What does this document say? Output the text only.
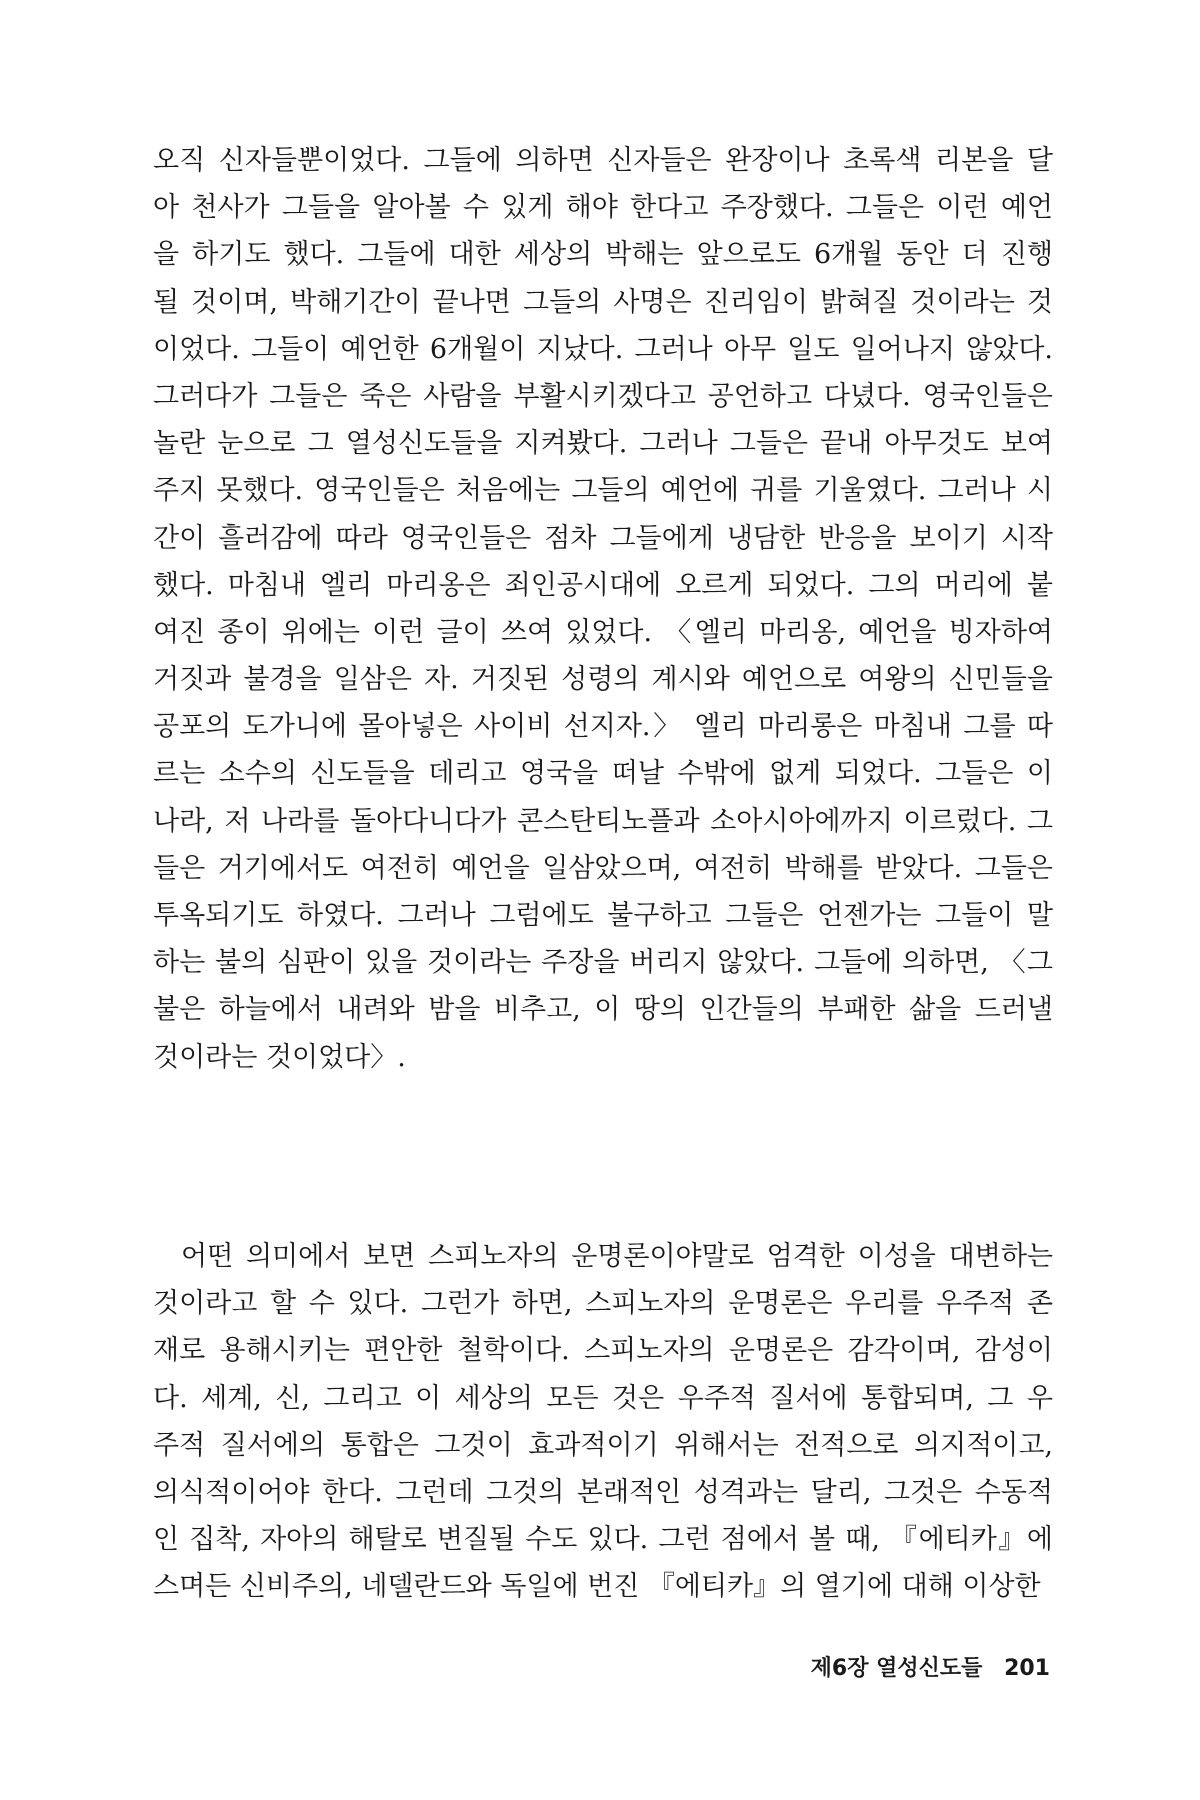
오직 신자들뿐이었다. 그들에 의하면 신자들은 완장이나 초록색 리본을 달
아 천사가 그들을 알아볼 수 있게 해야 한다고 주장했다. 그들은 이런 예언
을 하기도 했다. 그들에 대한 세상의 박해는 앞으로도 6개월 동안 더 진행
될 것이며, 박해기간이 끝나면 그들의 사명은 진리임이 밝혀질 것이라는 것
이었다. 그들이 예언한 6개월이 지났다. 그러나 아무 일도 일어나지 않았다.
그러다가 그들은 죽은 사람을 부활시키겠다고 공언하고 다녔다. 영국인들은
놀란 눈으로 그 열성신도들을 지켜봤다. 그러나 그들은 끝내 아무것도 보여
주지 못했다. 영국인들은 처음에는 그들의 예언에 귀를 기울였다. 그러나 시
간이 흘러감에 따라 영국인들은 점차 그들에게 냉담한 반응을 보이기 시작
했다. 마침내 엘리 마리옹은 죄인공시대에 오르게 되었다. 그의 머리에 붙
여진 종이 위에는 이런 글이 쓰여 있었다. 〈엘리 마리옹, 예언을 빙자하여
거짓과 불경을 일삼은 자. 거짓된 성령의 계시와 예언으로 여왕의 신민들을
공포의 도가니에 몰아넣은 사이비 선지자.〉 엘리 마리롱은 마침내 그를 따
르는 소수의 신도들을 데리고 영국을 떠날 수밖에 없게 되었다. 그들은 이
나라, 저 나라를 돌아다니다가 콘스탄티노플과 소아시아에까지 이르렀다. 그
들은 거기에서도 여전히 예언을 일삼았으며, 여전히 박해를 받았다. 그들은
투옥되기도 하였다. 그러나 그럼에도 불구하고 그들은 언젠가는 그들이 말
하는 불의 심판이 있을 것이라는 주장을 버리지 않았다. 그들에 의하면, 〈그
불은 하늘에서 내려와 밤을 비추고, 이 땅의 인간들의 부패한 삶을 드러낼
것이라는 것이었다〉.
어떤 의미에서 보면 스피노자의 운명론이야말로 엄격한 이성을 대변하는
것이라고 할 수 있다. 그런가 하면, 스피노자의 운명론은 우리를 우주적 존
재로 용해시키는 편안한 철학이다. 스피노자의 운명론은 감각이며, 감성이
다. 세계, 신, 그리고 이 세상의 모든 것은 우주적 질서에 통합되며, 그 우
주적 질서에의 통합은 그것이 효과적이기 위해서는 전적으로 의지적이고,
의식적이어야 한다. 그런데 그것의 본래적인 성격과는 달리, 그것은 수동적
인 집착, 자아의 해탈로 변질될 수도 있다. 그런 점에서 볼 때, 『에티카』에
스며든 신비주의, 네델란드와 독일에 번진 『에티카』의 열기에 대해 이상한
제6장 열성신도들 201
